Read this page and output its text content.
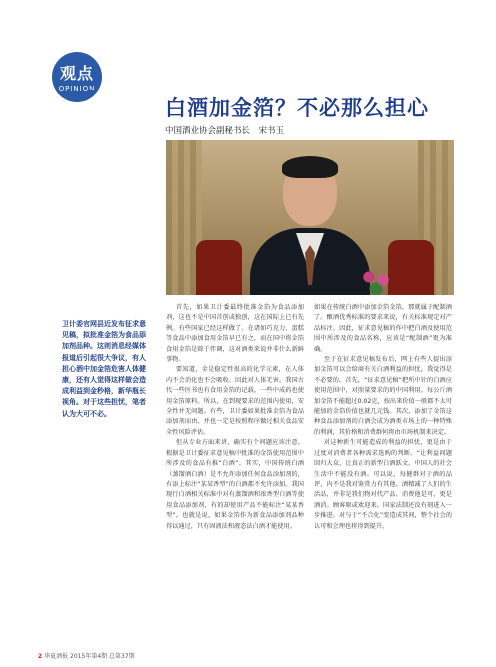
观点
OPINION
白酒加金箔？不必那么担心
中国酒业协会副秘书长　宋书玉
卫计委官网县近发布征求意见稿，拟批准金箔为食品添加剂品种。这则消息经媒体报道后引起很大争议，有人担心酒中加金箔危害人体健康，还有人觉得这样做会造成利益到金秒格，新华瓶长视角。对于这些担忧，笔者认为大可不必。

首先，如果卫计委最终批准金箔为食品添加剂，这也不是中国首创或独创，这在国际上已有先例。有些国家已经这样做了。在诸如巧克力、蛋糕等食品中添加食用金箔早已有之，而在国中将金箔食用金箔是除于伴调，这对酒类来说并非什么新鲜事物。

要知道，金是稳定性很高的化学元素，在人体内不会消化也不会吸收。因此对人体无害。我国古代一些医书也有食用金箔的记载。一些中成药也使用金箔原料。所以，在到现要求的范围内使用，安全性并无问题。有些，卫计委如果批准金箔为食品添加剂而由，并也一定是按照程序做过相关食品安全性风险评估。

但从专业方面来讲，确实有个问题应该注意。根据是卫计委征求意见稿中批准的金箔使用范围中所涉及的食品有推“白酒”。其实，中国传统白酒（蒸馏酒白酒）是不允许添加任何食品添加剂的，有添上标注“某某香型”的白酒都不允许添加。我国现行白酒相关标准中对有蒸馏酒和浓香型白酒等使用食品添加剂，有的却使用产品不能标注“某某香型”。也就是说，如果金箔作为新食品添加剂品种得以通过，只有固液法和液态法白酒才能使用。

如果在传统白酒中添加金箔金箔，那就属于配制酒了。酿酒优秀标准的要求来说，有关标准规定对产品标注。因此，征求意见稿的作中把白酒及使用范围中所涉及的食品名称，应该是“配制酒”更为准确。

至于在征求意见稿发布后，网上有些人提出添加金箔可以会给商有关白酒利益的担忧，我觉得是不必要的。首先，“征求意见稿”把所中针的白酒应使用范围中，对照量要求的的中国利用。每公斤酒加金箔不能超过0.02克，按出来价值一般都不太可能加的金箔价值也就几元钱。其次，添加了金箔这种食品添加剂的白酒会成为酒类市场上的一种特殊的利润，其价格和消费群何将由市场机制来决定。

对这种新生可能造成的利益的担忧，更是由于过度对消费者各种需求选购的判断。“让利益问题回归大众、让真正的新型白酒跃文。中国人的社会生活中不能没有酒。可以说，每健群对于酒的品评，内不是我对鉴赏力有其他。酒精减了人们的生活品，并非是我们物对代产品、消费他是可，更是酒消。顾客原或欢迎来。国家法制还没有刻进入一步推进。对与于“不合化”变造成其间，整个社会的认可和会理也将得到提升。

2 华夏酒报 2015年第4期 总第37期
